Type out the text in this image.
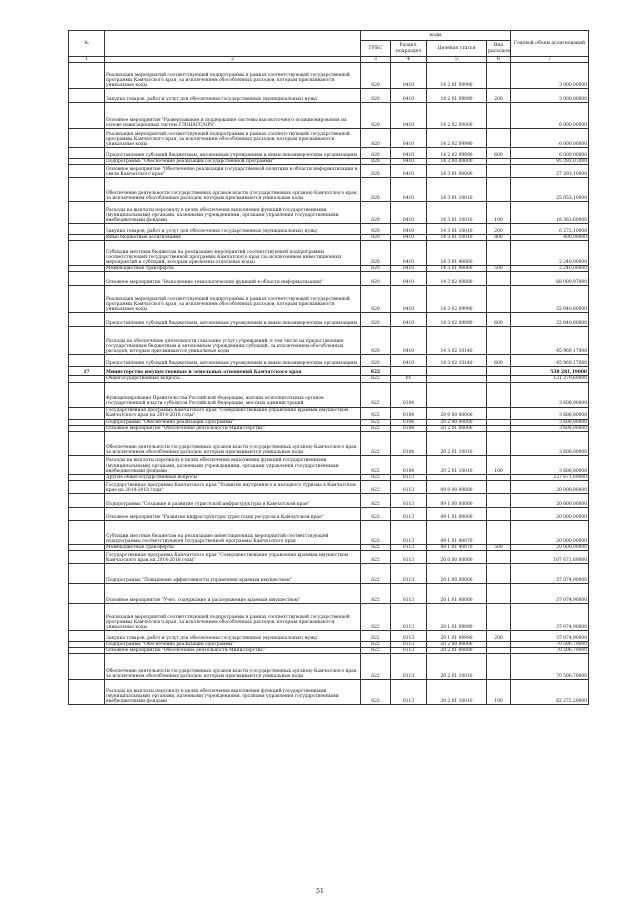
№		коды				Годовой объем ассигнований
		ГРБС	Раздел, подраздел	Целевая статья	Вид расходов	
1	2	3	4	5	6	7
	Реализация мероприятий соответствующей подпрограммы в рамках соответствующей государственной программы Камчатского края, за исключением обособленных расходов, которым присваиваются уникальные коды	820	0410	14 2 01 09990		3 000,00000
	Закупка товаров, работ и услуг для обеспечения государственных (муниципальных) нужд	820	0410	14 2 01 09990	200	3 000,00000
	Основное мероприятие "Развертывание и поддержание системы высокоточного позиционирования на основе навигационных систем ГЛОНАСС/GPS"	820	0410	14 2 02 00000		6 000,00000
	Реализация мероприятий соответствующей подпрограммы в рамках соответствующей государственной программы Камчатского края, за исключением обособленных расходов, которым присваиваются уникальные коды	820	0410	14 2 02 09990		6 000,00000
	Предоставление субсидий бюджетным, автономным учреждениям и иным некоммерческим организациям	820	0410	14 2 02 09990	600	6 000,00000
	Подпрограмма "Обеспечение реализации государственной программы"	820	0410	14 3 00 00000		95 293,07000
	Основное мероприятие "Обеспечение реализации государственной политики в области информатизации и связи Камчатского края"	820	0410	14 3 01 00000		27 293,10000
	Обеспечение деятельности государственных органов власти (государственных органов) Камчатского края, за исключением обособленных расходов, которым присваиваются уникальные коды	820	0410	14 3 01 10010		25 053,10000
	Расходы на выплаты персоналу в целях обеспечения выполнения функций государственными (муниципальными) органами, казенными учреждениями, органами управления государственными внебюджетными фондами	820	0410	14 3 01 10010	100	18 383,60000
	Закупка товаров, работ и услуг для обеспечения государственных (муниципальных) нужд	820	0410	14 3 01 10010	200	6 272,10000
	Иные бюджетные ассигнования	820	0410	14 3 01 10010	800	400,00000
	Субсидии местным бюджетам на реализацию мероприятий соответствующей подпрограммы соответствующей государственной программы Камчатского края (за исключением инвестиционных мероприятий и субсидий, которым присвоены отдельные коды)	820	0410	14 3 01 40060		2 240,00000
	Межбюджетные трансферты	820	0410	14 3 01 40060	500	2 240,00000
	Основное мероприятие "Выполнение технологических функций в области информатизации"	820	0410	14 3 02 00000		68 009,97000
	Реализация мероприятий соответствующей подпрограммы в рамках соответствующей государственной программы Камчатского края, за исключением обособленных расходов, которым присваиваются уникальные коды	820	0410	14 3 02 09990		22 040,80000
	Предоставление субсидий бюджетным, автономным учреждениям и иным некоммерческим организациям	820	0410	14 3 02 09990	600	22 040,80000
	Расходы на обеспечение деятельности (оказание услуг) учреждений, в том числе на предоставление государственным бюджетным и автономным учреждениям субсидий, за исключением обособленных расходов, которым присваиваются уникальные коды	820	0410	14 3 02 10140		45 969,17000
	Предоставление субсидий бюджетным, автономным учреждениям и иным некоммерческим организациям	820	0410	14 3 02 10140	600	45 969,17000
17	Министерство имущественных и земельных отношений Камчатского края	822				538 281,19000
	Общегосударственные вопросы	822	01			131 279,69000
	Функционирование Правительства Российской Федерации, высших исполнительных органов государственной власти субъектов Российской Федерации, местных администраций	822	0104			3 608,00000
	Государственная программа Камчатского края "Совершенствование управления краевым имуществом Камчатского края на 2014-2018 годы"	822	0104	20 0 00 00000		3 608,00000
	Подпрограмма "Обеспечение реализации Программы"	822	0104	20 2 00 00000		3 608,00000
	Основное мероприятие "Обеспечение деятельности Министерства"	822	0104	20 2 01 00000		3 608,00000
	Обеспечение деятельности государственных органов власти (государственных органов) Камчатского края, за исключением обособленных расходов, которым присваиваются уникальные коды	822	0104	20 2 01 10010		3 608,00000
	Расходы на выплаты персоналу в целях обеспечения выполнения функций государственными (муниципальными) органами, казенными учреждениями, органами управления государственными внебюджетными фондами	822	0104	20 2 01 10010	100	3 608,00000
	Другие общегосударственные вопросы	822	0113			127 671,69000
	Государственная программа Камчатского края "Развитие внутреннего и въездного туризма в Камчатском крае на 2014-2018 годы"	822	0113	09 0 00 00000		20 000,00000
	Подпрограмма "Создание и развитие туристской инфраструктуры в Камчатском крае"	822	0113	09 1 00 00000		20 000,00000
	Основное мероприятие "Развитие инфраструктуры туристских ресурсов в Камчатском крае"	822	0113	09 1 01 00000		20 000,00000
	Субсидии местным бюджетам на реализацию инвестиционных мероприятий соответствующей подпрограммы соответствующей государственной программы Камчатского края	822	0113	09 1 01 40070		20 000,00000
	Межбюджетные трансферты	822	0113	09 1 01 40070	500	20 000,00000
	Государственная программа Камчатского края "Совершенствование управления краевым имуществом Камчатского края на 2014-2018 годы"	822	0113	20 0 00 00000		107 671,69000
	Подпрограмма "Повышение эффективности управления краевым имуществом"	822	0113	20 1 00 00000		37 074,90000
	Основное мероприятие "Учет, содержание и распоряжение краевым имуществом"	822	0113	20 1 01 00000		37 074,90000
	Реализация мероприятий соответствующей подпрограммы в рамках соответствующей государственной программы Камчатского края, за исключением обособленных расходов, которым присваиваются уникальные коды	822	0113	20 1 01 09990		37 074,90000
	Закупка товаров, работ и услуг для обеспечения государственных (муниципальных) нужд	822	0113	20 1 01 09990	200	37 074,90000
	Подпрограмма "Обеспечение реализации Программы"	822	0113	20 2 00 00000		70 596,79000
	Основное мероприятие "Обеспечение деятельности Министерства"	822	0113	20 2 01 00000		70 596,79000
	Обеспечение деятельности государственных органов власти (государственных органов) Камчатского края, за исключением обособленных расходов, которым присваиваются уникальные коды	822	0113	20 2 01 10010		70 596,79000
	Расходы на выплаты персоналу в целях обеспечения выполнения функций государственными (муниципальными) органами, казенными учреждениями, органами управления государственными внебюджетными фондами	822	0113	20 2 01 10010	100	62 272,29000
51
